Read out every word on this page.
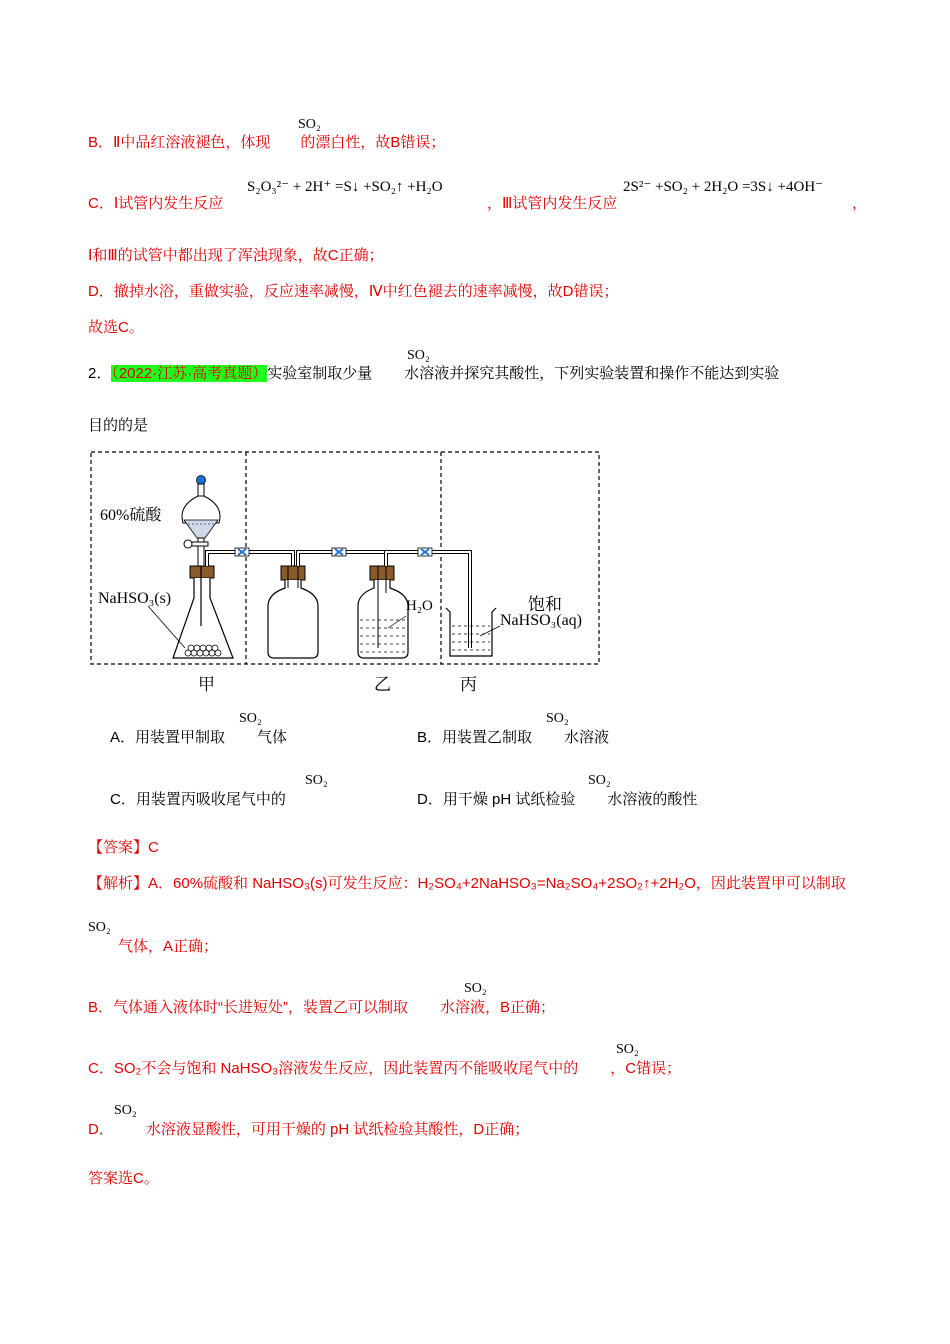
B．Ⅱ中品红溶液褪色，体现 的漂白性，故B错误；
SO₂
C．Ⅰ试管内发生反应
S₂O₃²⁻ + 2H⁺ =S↓ +SO₂↑ +H₂O
，Ⅲ试管内发生反应
2S²⁻ +SO₂ + 2H₂O =3S↓ +4OH⁻
，
Ⅰ和Ⅲ的试管中都出现了浑浊现象，故C正确；
D．撤掉水浴，重做实验，反应速率减慢，Ⅳ中红色褪去的速率减慢，故D错误；
故选C。
2．（2022·江苏·高考真题）实验室制取少量 水溶液并探究其酸性，下列实验装置和操作不能达到实验
SO₂
目的的是
60%硫酸
NaHSO₃(s)	H₂O	饱和
NaHSO₃(aq)
甲	乙	丙
A．用装置甲制取 气体
SO₂
B．用装置乙制取 水溶液
SO₂
C．用装置丙吸收尾气中的
SO₂
D．用干燥 pH 试纸检验 水溶液的酸性
SO₂
【答案】C
【解析】A．60%硫酸和 NaHSO₃(s)可发生反应：H₂SO₄+2NaHSO₃=Na₂SO₄+2SO₂↑+2H₂O，因此装置甲可以制取
SO₂
气体，A正确；
B．气体通入液体时“长进短处”，装置乙可以制取 水溶液，B正确；
SO₂
C．SO₂不会与饱和 NaHSO₃溶液发生反应，因此装置丙不能吸收尾气中的 ，C错误；
SO₂
D． 水溶液显酸性，可用干燥的 pH 试纸检验其酸性，D正确；
SO₂
答案选C。
